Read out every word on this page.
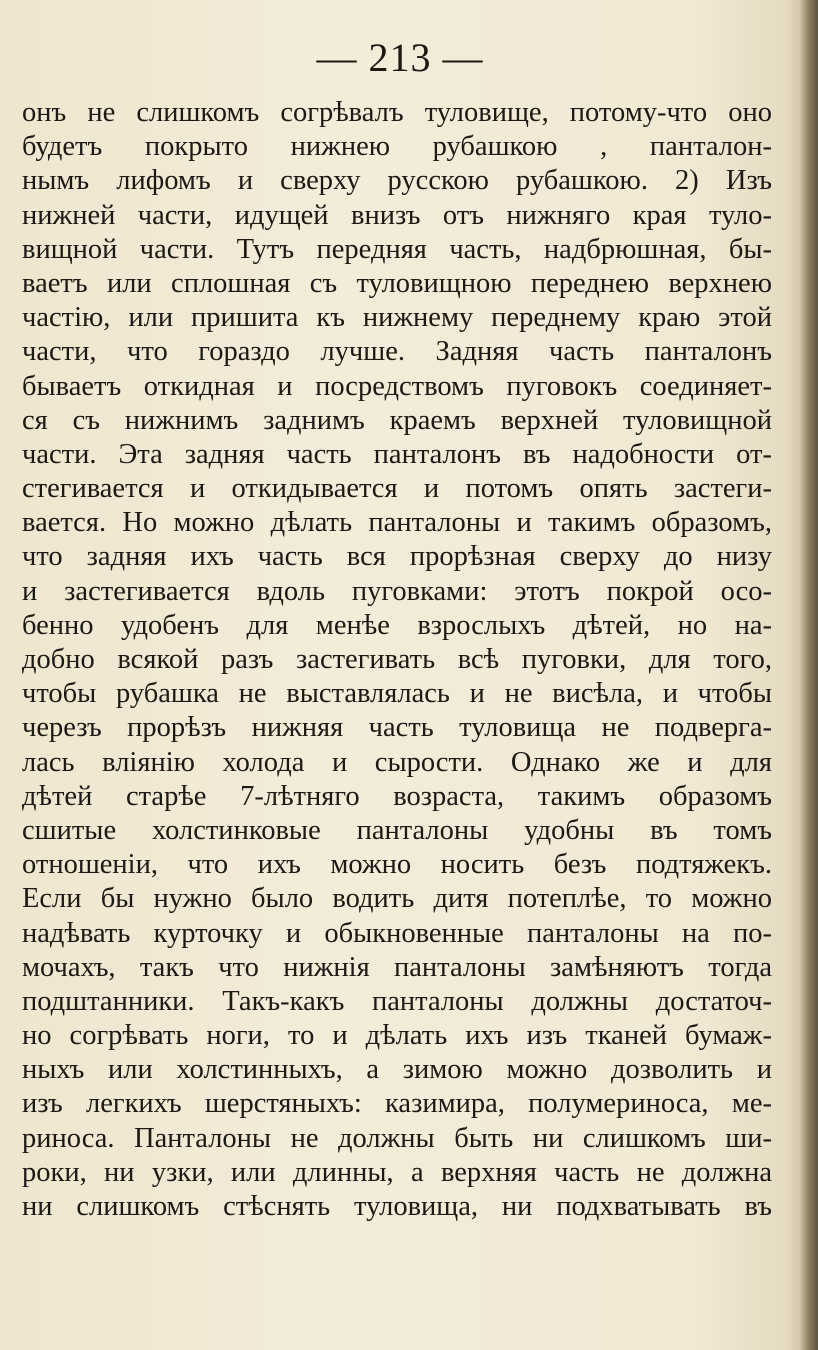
— 213 —
онъ не слишкомъ согрѣвалъ туловище, потому-что оно
будетъ покрыто нижнею рубашкою , панталон-
нымъ лифомъ и сверху русскою рубашкою. 2) Изъ
нижней части, идущей внизъ отъ нижняго края туло-
вищной части. Тутъ передняя часть, надбрюшная, бы-
ваетъ или сплошная съ туловищною переднею верхнею
частію, или пришита къ нижнему переднему краю этой
части, что гораздо лучше. Задняя часть панталонъ
бываетъ откидная и посредствомъ пуговокъ соединяет-
ся съ нижнимъ заднимъ краемъ верхней туловищной
части. Эта задняя часть панталонъ въ надобности от-
стегивается и откидывается и потомъ опять застеги-
вается. Но можно дѣлать панталоны и такимъ образомъ,
что задняя ихъ часть вся прорѣзная сверху до низу
и застегивается вдоль пуговками: этотъ покрой осо-
бенно удобенъ для менѣе взрослыхъ дѣтей, но на-
добно всякой разъ застегивать всѣ пуговки, для того,
чтобы рубашка не выставлялась и не висѣла, и чтобы
черезъ прорѣзъ нижняя часть туловища не подверга-
лась вліянію холода и сырости. Однако же и для
дѣтей старѣе 7-лѣтняго возраста, такимъ образомъ
сшитые холстинковые панталоны удобны въ томъ
отношеніи, что ихъ можно носить безъ подтяжекъ.
Если бы нужно было водить дитя потеплѣе, то можно
надѣвать курточку и обыкновенные панталоны на по-
мочахъ, такъ что нижнія панталоны замѣняютъ тогда
подштанники. Такъ-какъ панталоны должны достаточ-
но согрѣвать ноги, то и дѣлать ихъ изъ тканей бумаж-
ныхъ или холстинныхъ, а зимою можно дозволить и
изъ легкихъ шерстяныхъ: казимира, полумериноса, ме-
риноса. Панталоны не должны быть ни слишкомъ ши-
роки, ни узки, или длинны, а верхняя часть не должна
ни слишкомъ стѣснять туловища, ни подхватывать въ
